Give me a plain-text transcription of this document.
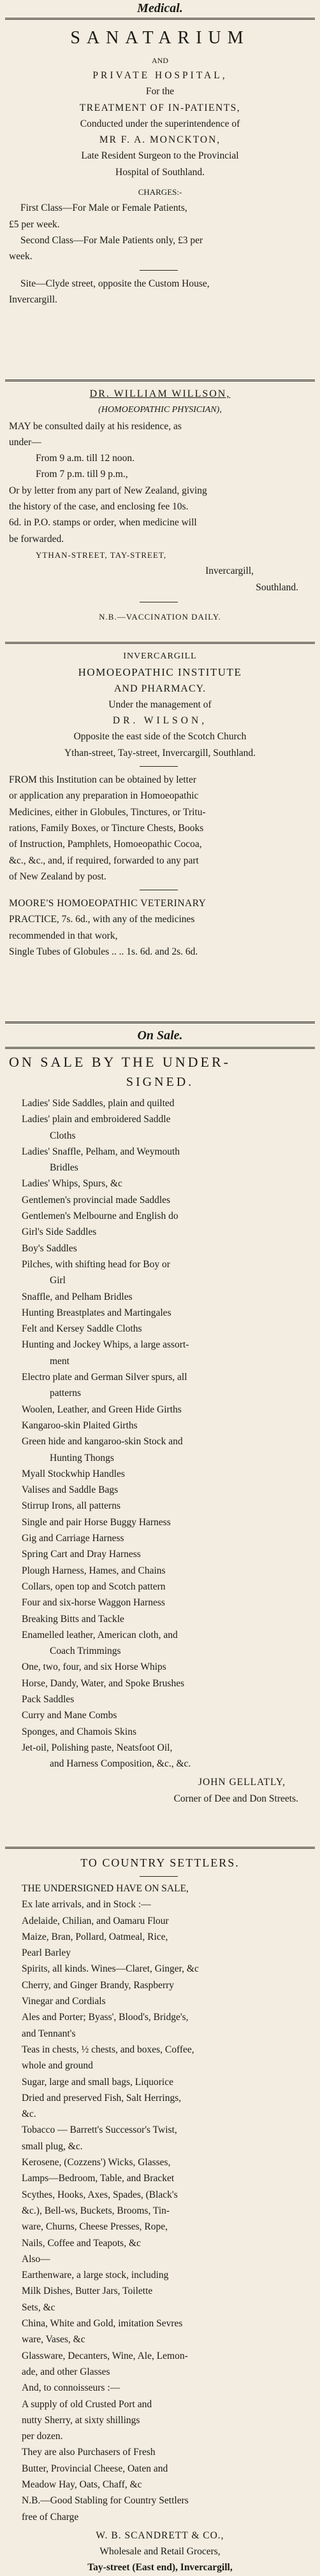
Medical.
SANATARIUM
AND
PRIVATE HOSPITAL,
For the
TREATMENT OF IN-PATIENTS,
Conducted under the superintendence of
MR F. A. MONCKTON,
Late Resident Surgeon to the Provincial
Hospital of Southland.
CHARGES:-
First Class—For Male or Female Patients,
£5 per week.
Second Class—For Male Patients only, £3 per
week.
Site—Clyde street, opposite the Custom House,
Invercargill.
DR. WILLIAM WILLSON,
(HOMOEOPATHIC PHYSICIAN),
MAY be consulted daily at his residence, as
under—
From 9 a.m. till 12 noon.
From 7 p.m. till 9 p.m.,
Or by letter from any part of New Zealand, giving
the history of the case, and enclosing fee 10s.
6d. in P.O. stamps or order, when medicine will
be forwarded.
YTHAN-STREET, TAY-STREET,
Invercargill,
Southland.
N.B.—VACCINATION DAILY.
INVERCARGILL
HOMOEOPATHIC INSTITUTE
AND PHARMACY.
Under the management of
DR. WILSON,
Opposite the east side of the Scotch Church
Ythan-street, Tay-street, Invercargill, Southland.
FROM this Institution can be obtained by letter
or application any preparation in Homoeopathic
Medicines, either in Globules, Tinctures, or Tritu-
rations, Family Boxes, or Tincture Chests, Books
of Instruction, Pamphlets, Homoeopathic Cocoa,
&c., &c., and, if required, forwarded to any part
of New Zealand by post.
MOORE'S HOMOEOPATHIC VETERINARY
PRACTICE, 7s. 6d., with any of the medicines
recommended in that work,
Single Tubes of Globules .. .. 1s. 6d. and 2s. 6d.
On Sale.
ON SALE BY THE UNDER-
SIGNED.
Ladies' Side Saddles, plain and quilted
Ladies' plain and embroidered Saddle
Cloths
Ladies' Snaffle, Pelham, and Weymouth
Bridles
Ladies' Whips, Spurs, &c
Gentlemen's provincial made Saddles
Gentlemen's Melbourne and English do
Girl's Side Saddles
Boy's Saddles
Pilches, with shifting head for Boy or
Girl
Snaffle, and Pelham Bridles
Hunting Breastplates and Martingales
Felt and Kersey Saddle Cloths
Hunting and Jockey Whips, a large assort-
ment
Electro plate and German Silver spurs, all
patterns
Woolen, Leather, and Green Hide Girths
Kangaroo-skin Plaited Girths
Green hide and kangaroo-skin Stock and
Hunting Thongs
Myall Stockwhip Handles
Valises and Saddle Bags
Stirrup Irons, all patterns
Single and pair Horse Buggy Harness
Gig and Carriage Harness
Spring Cart and Dray Harness
Plough Harness, Hames, and Chains
Collars, open top and Scotch pattern
Four and six-horse Waggon Harness
Breaking Bitts and Tackle
Enamelled leather, American cloth, and
Coach Trimmings
One, two, four, and six Horse Whips
Horse, Dandy, Water, and Spoke Brushes
Pack Saddles
Curry and Mane Combs
Sponges, and Chamois Skins
Jet-oil, Polishing paste, Neatsfoot Oil,
and Harness Composition, &c., &c.
JOHN GELLATLY,
Corner of Dee and Don Streets.
TO COUNTRY SETTLERS.
THE UNDERSIGNED HAVE ON SALE,
Ex late arrivals, and in Stock :—
Adelaide, Chilian, and Oamaru Flour
Maize, Bran, Pollard, Oatmeal, Rice,
Pearl Barley
Spirits, all kinds. Wines—Claret, Ginger, &c
Cherry, and Ginger Brandy, Raspberry
Vinegar and Cordials
Ales and Porter; Byass', Blood's, Bridge's,
and Tennant's
Teas in chests, ½ chests, and boxes, Coffee,
whole and ground
Sugar, large and small bags, Liquorice
Dried and preserved Fish, Salt Herrings,
&c.
Tobacco — Barrett's Successor's Twist,
small plug, &c.
Kerosene, (Cozzens') Wicks, Glasses,
Lamps—Bedroom, Table, and Bracket
Scythes, Hooks, Axes, Spades, (Black's
&c.), Bell-ws, Buckets, Brooms, Tin-
ware, Churns, Cheese Presses, Rope,
Nails, Coffee and Teapots, &c
Also—
Earthenware, a large stock, including
Milk Dishes, Butter Jars, Toilette
Sets, &c
China, White and Gold, imitation Sevres
ware, Vases, &c
Glassware, Decanters, Wine, Ale, Lemon-
ade, and other Glasses
And, to connoisseurs :—
A supply of old Crusted Port and
nutty Sherry, at sixty shillings
per dozen.
They are also Purchasers of Fresh
Butter, Provincial Cheese, Oaten and
Meadow Hay, Oats, Chaff, &c
N.B.—Good Stabling for Country Settlers
free of Charge
W. B. SCANDRETT & CO.,
Wholesale and Retail Grocers,
Tay-street (East end), Invercargill,
